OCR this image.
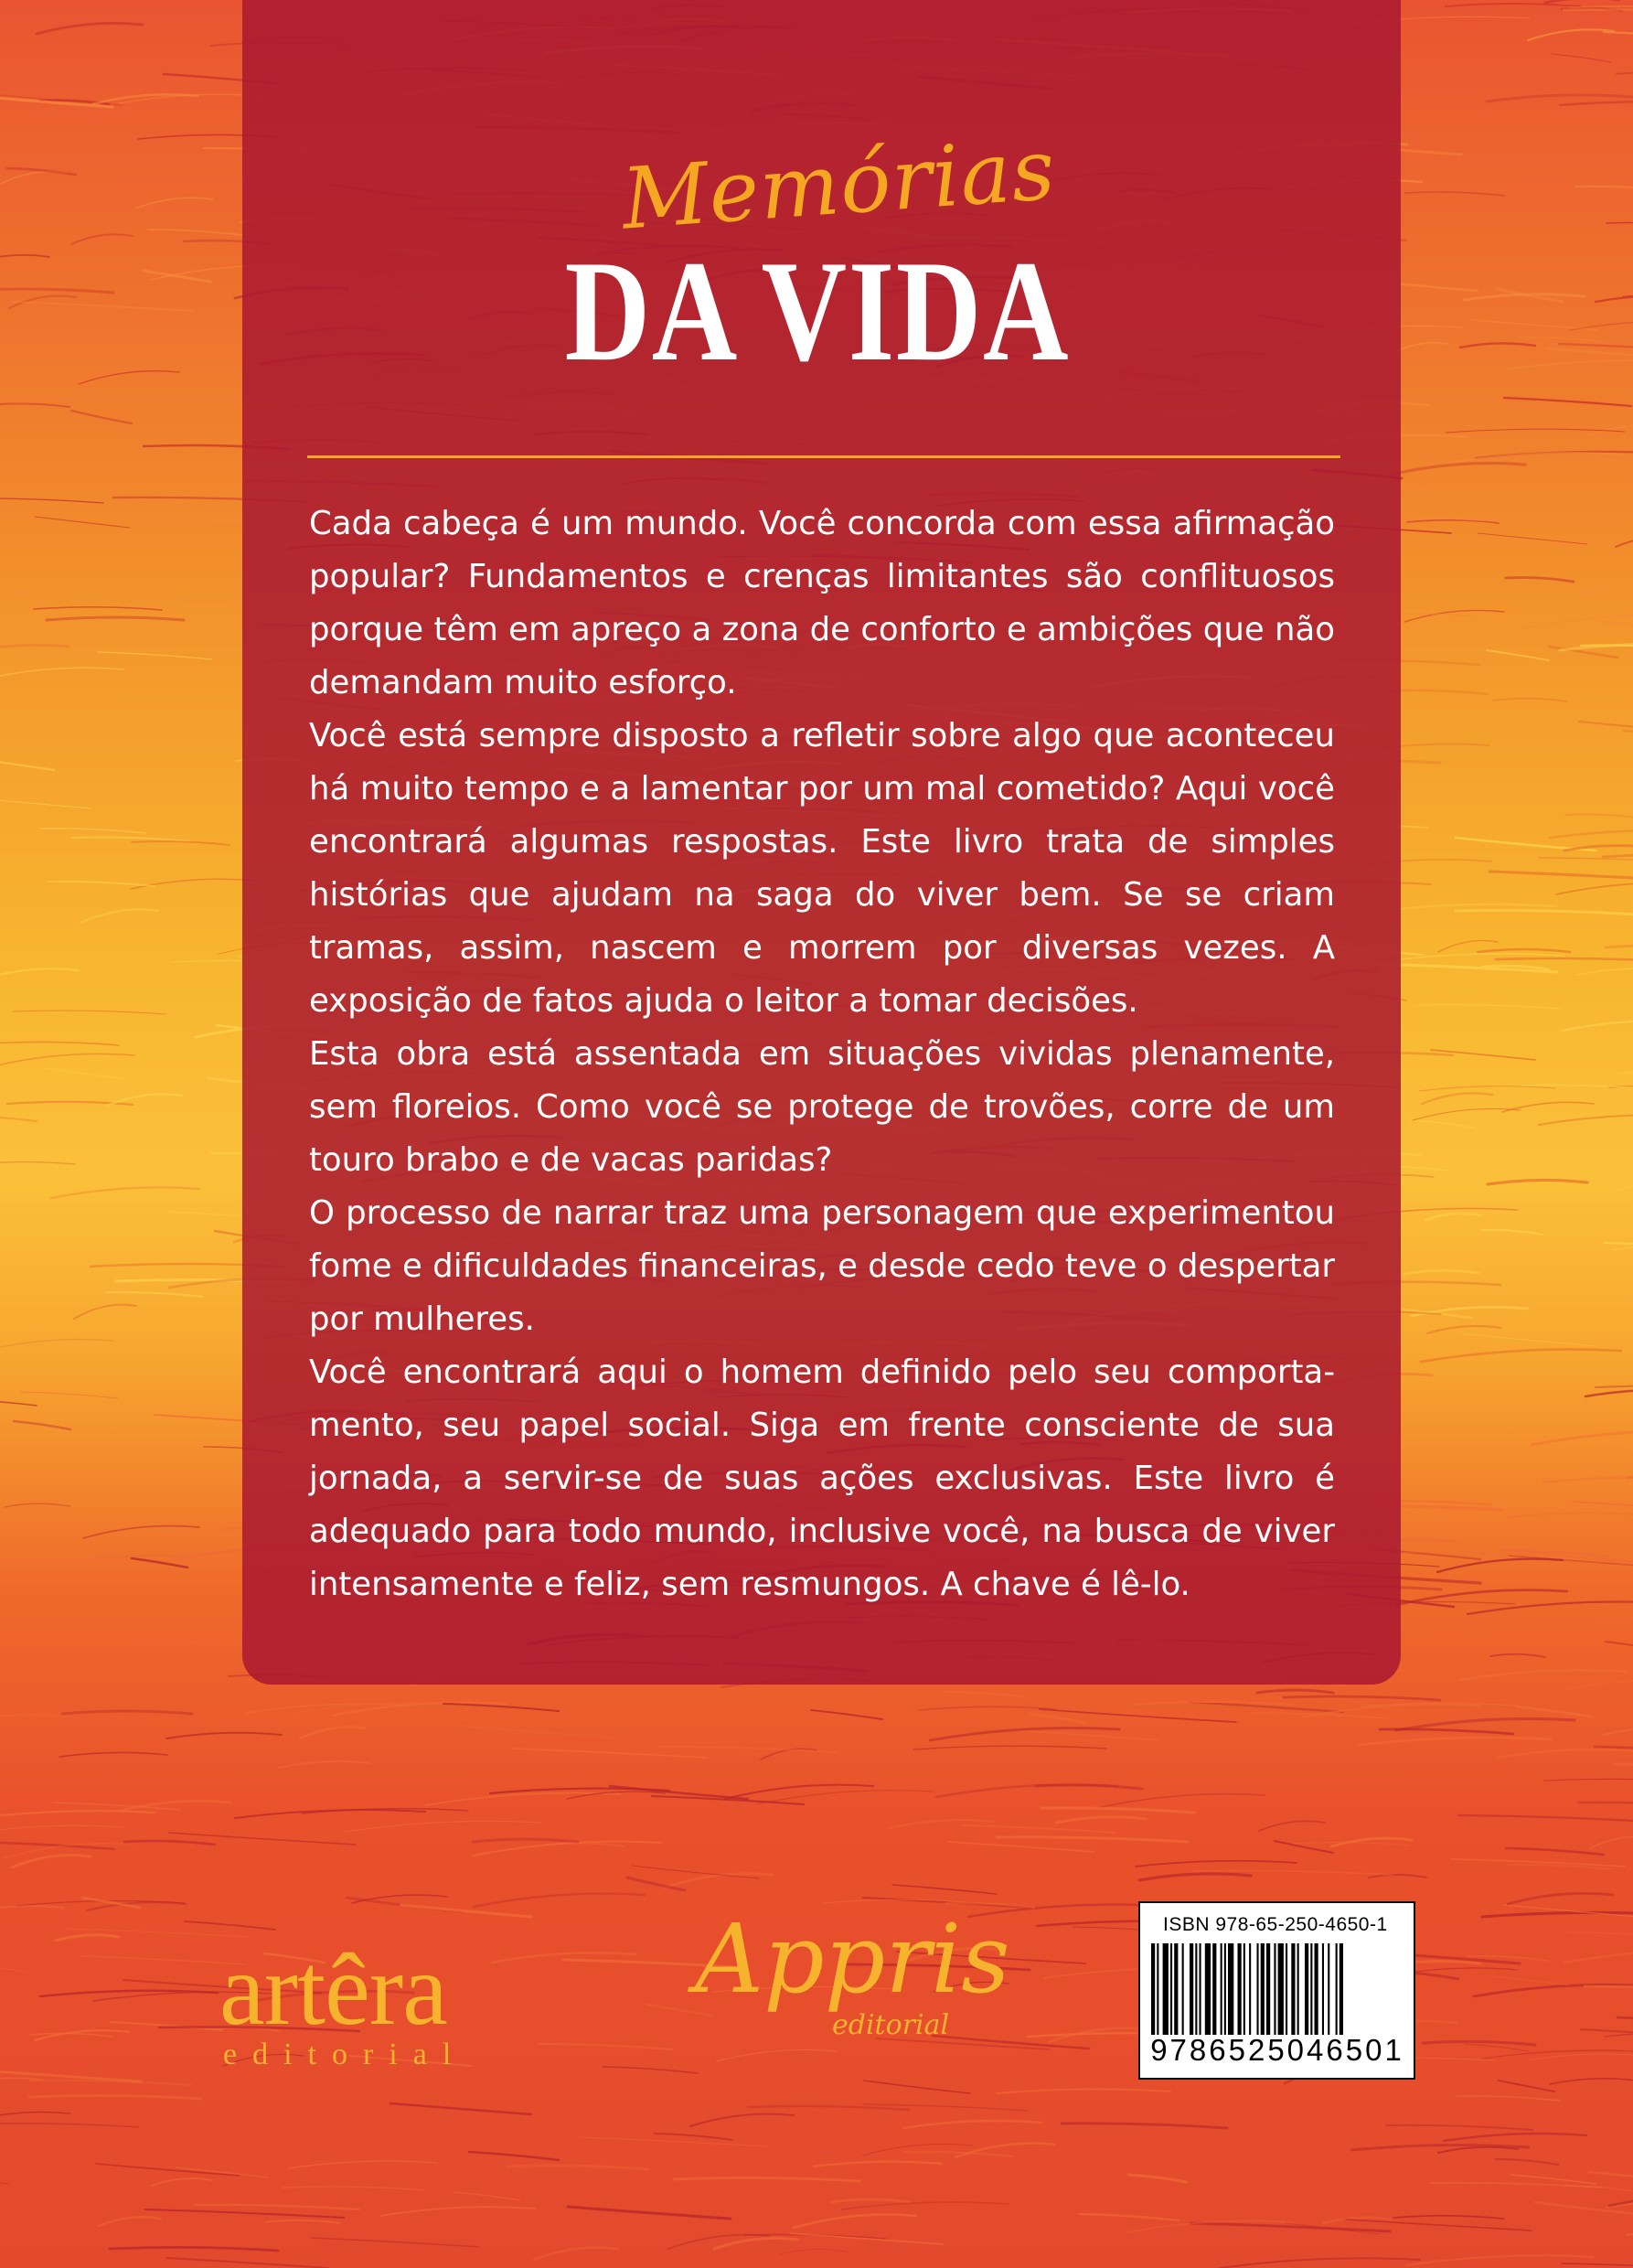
DA VIDA
Memórias

Cada cabeça é um mundo. Você concorda com essa afirmação popular? Fundamentos e crenças limitantes são conflituosos porque têm em apreço a zona de conforto e ambições que não demandam muito esforço.

Você está sempre disposto a refletir sobre algo que aconteceu há muito tempo e a lamentar por um mal cometido? Aqui você encontrará algumas respostas. Este livro trata de simples histórias que ajudam na saga do viver bem. Se se criam tramas, assim, nascem e morrem por diversas vezes. A exposição de fatos ajuda o leitor a tomar decisões.

Esta obra está assentada em situações vividas plenamente, sem floreios. Como você se protege de trovões, corre de um touro brabo e de vacas paridas?

O processo de narrar traz uma personagem que experimentou fome e dificuldades financeiras, e desde cedo teve o despertar por mulheres.

Você encontrará aqui o homem definido pelo seu comportamento, seu papel social. Siga em frente consciente de sua jornada, a servir-se de suas ações exclusivas. Este livro é adequado para todo mundo, inclusive você, na busca de viver intensamente e feliz, sem resmungos. A chave é lê-lo.

artêra
editorial
Appris
editorial
ISBN 978-65-250-4650-1
9786525046501
